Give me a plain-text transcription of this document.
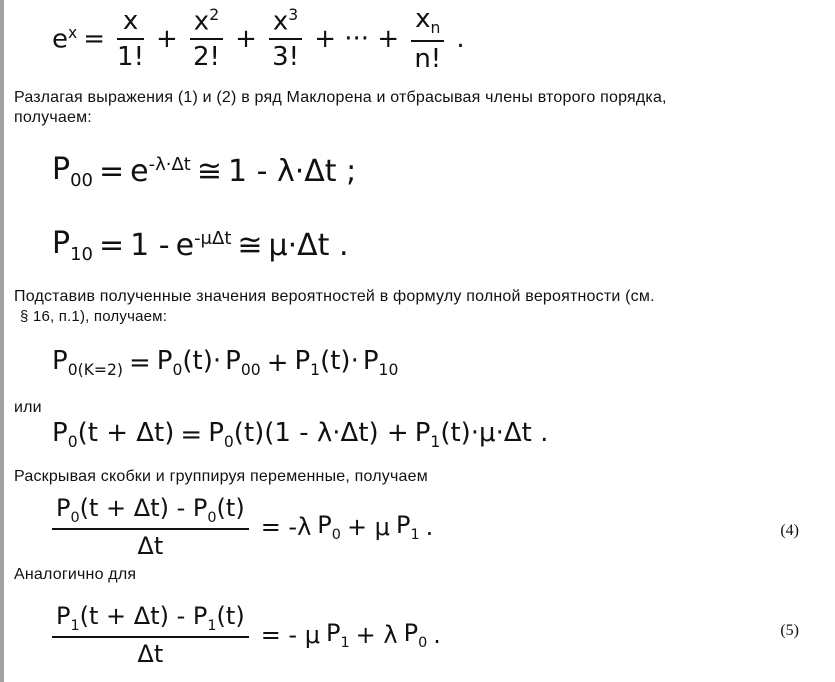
$e^x = \frac{x}{1!} + \frac{x^2}{2!} + \frac{x^3}{3!}$ + ··· + $\frac{x_n}{n!}$ .
Разлагая выражения (1) и (2) в ряд Маклорена и отбрасывая члены второго порядка,
получаем:
$P_{00} = e^{-\lambda\cdot\Delta t}$ ≅ 1 - λ·Δt ;
$P_{10} = 1 - e^{-\mu\Delta t}$ ≅ μ·Δt .
Подставив полученные значения вероятностей в формулу полной вероятности (см.
§ 16, п.1), получаем:
$P_{0(K=2)} = P_0(t)\cdot P_{00} + P_1(t)\cdot P_{10}$
или
$P_0(t + \Delta t) = P_0(t)(1 - \lambda\cdot\Delta t) + P_1(t)\cdot\mu\cdot\Delta t$ .
Раскрывая скобки и группируя переменные, получаем
$\frac{P_0(t + \Delta t) - P_0(t)}{\Delta t} = -\lambda$ $P_0 + \mu$ $P_1$ .	(4)
Аналогично для
$\frac{P_1(t + \Delta t) - P_1(t)}{\Delta t}$ = - μ $P_1 + \lambda$ $P_0$ .	(5)
